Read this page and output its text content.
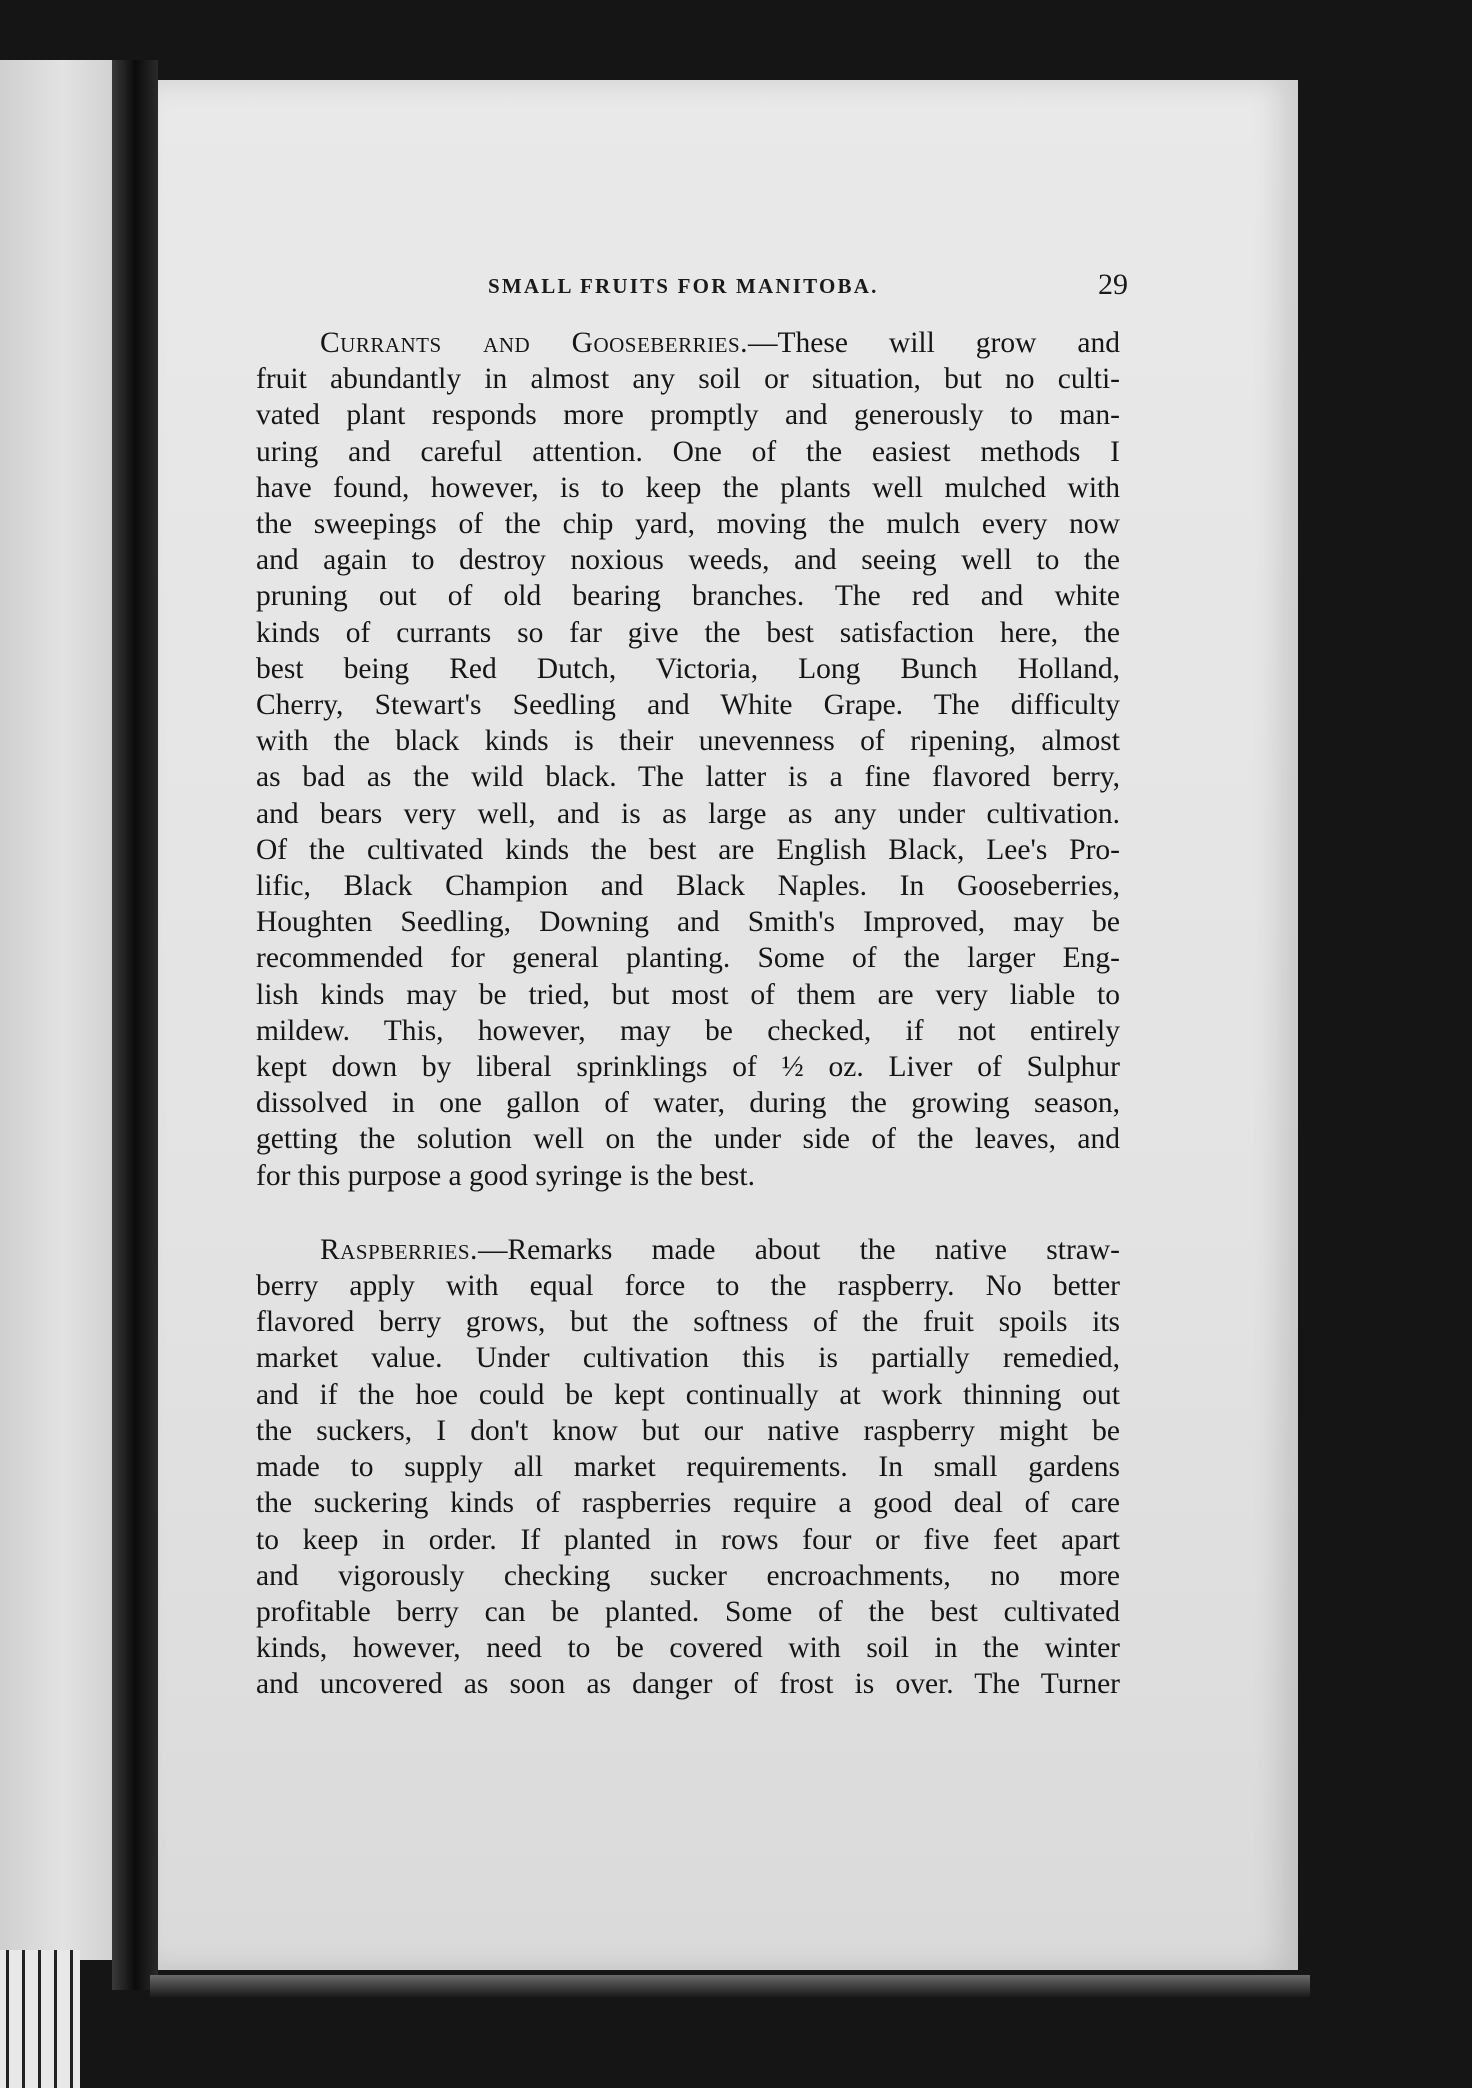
SMALL FRUITS FOR MANITOBA.	29
Currants and Gooseberries.—These will grow and
fruit abundantly in almost any soil or situation, but no culti-
vated plant responds more promptly and generously to man-
uring and careful attention. One of the easiest methods I
have found, however, is to keep the plants well mulched with
the sweepings of the chip yard, moving the mulch every now
and again to destroy noxious weeds, and seeing well to the
pruning out of old bearing branches. The red and white
kinds of currants so far give the best satisfaction here, the
best being Red Dutch, Victoria, Long Bunch Holland,
Cherry, Stewart's Seedling and White Grape. The difficulty
with the black kinds is their unevenness of ripening, almost
as bad as the wild black. The latter is a fine flavored berry,
and bears very well, and is as large as any under cultivation.
Of the cultivated kinds the best are English Black, Lee's Pro-
lific, Black Champion and Black Naples. In Gooseberries,
Houghten Seedling, Downing and Smith's Improved, may be
recommended for general planting. Some of the larger Eng-
lish kinds may be tried, but most of them are very liable to
mildew. This, however, may be checked, if not entirely
kept down by liberal sprinklings of ½ oz. Liver of Sulphur
dissolved in one gallon of water, during the growing season,
getting the solution well on the under side of the leaves, and
for this purpose a good syringe is the best.
Raspberries.—Remarks made about the native straw-
berry apply with equal force to the raspberry. No better
flavored berry grows, but the softness of the fruit spoils its
market value. Under cultivation this is partially remedied,
and if the hoe could be kept continually at work thinning out
the suckers, I don't know but our native raspberry might be
made to supply all market requirements. In small gardens
the suckering kinds of raspberries require a good deal of care
to keep in order. If planted in rows four or five feet apart
and vigorously checking sucker encroachments, no more
profitable berry can be planted. Some of the best cultivated
kinds, however, need to be covered with soil in the winter
and uncovered as soon as danger of frost is over. The Turner
